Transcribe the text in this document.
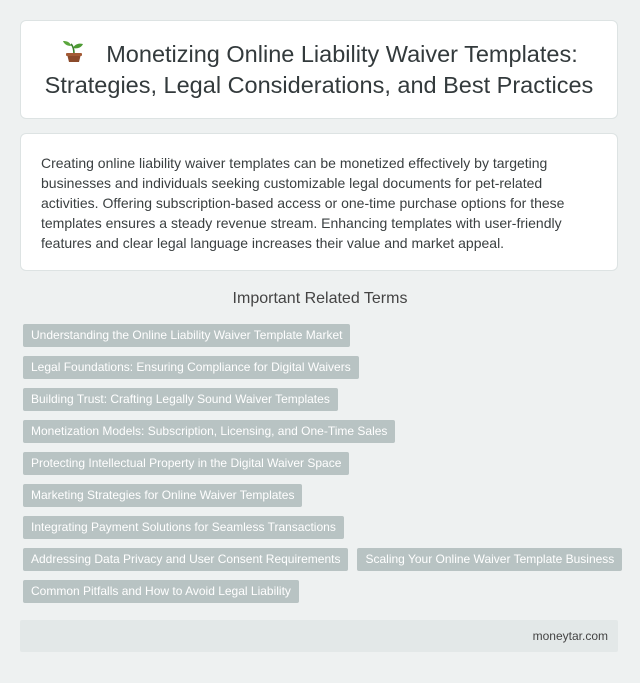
Monetizing Online Liability Waiver Templates: Strategies, Legal Considerations, and Best Practices

Creating online liability waiver templates can be monetized effectively by targeting businesses and individuals seeking customizable legal documents for pet-related activities. Offering subscription-based access or one-time purchase options for these templates ensures a steady revenue stream. Enhancing templates with user-friendly features and clear legal language increases their value and market appeal.

Important Related Terms
Understanding the Online Liability Waiver Template Market
Legal Foundations: Ensuring Compliance for Digital Waivers
Building Trust: Crafting Legally Sound Waiver Templates
Monetization Models: Subscription, Licensing, and One-Time Sales
Protecting Intellectual Property in the Digital Waiver Space
Marketing Strategies for Online Waiver Templates
Integrating Payment Solutions for Seamless Transactions
Addressing Data Privacy and User Consent Requirements	Scaling Your Online Waiver Template Business
Common Pitfalls and How to Avoid Legal Liability
moneytar.com
